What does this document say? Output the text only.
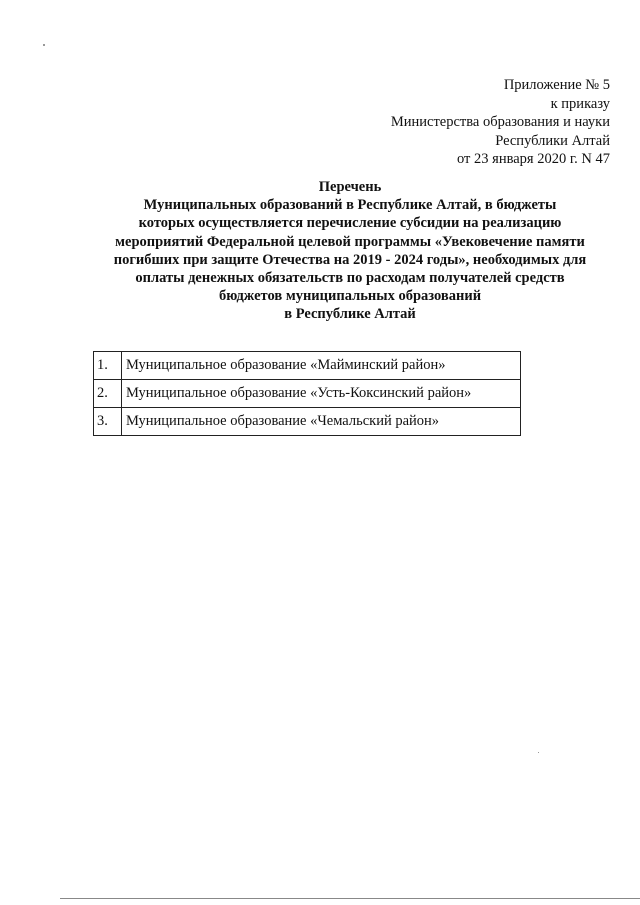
Приложение № 5
к приказу
Министерства образования и науки
Республики Алтай
от 23 января 2020 г. N 47
Перечень
Муниципальных образований в Республике Алтай, в бюджеты
которых осуществляется перечисление субсидии на реализацию
мероприятий Федеральной целевой программы «Увековечение памяти
погибших при защите Отечества на 2019 - 2024 годы», необходимых для
оплаты денежных обязательств по расходам получателей средств
бюджетов муниципальных образований
в Республике Алтай
1.	Муниципальное образование «Майминский район»
2.	Муниципальное образование «Усть-Коксинский район»
3.	Муниципальное образование «Чемальский район»
